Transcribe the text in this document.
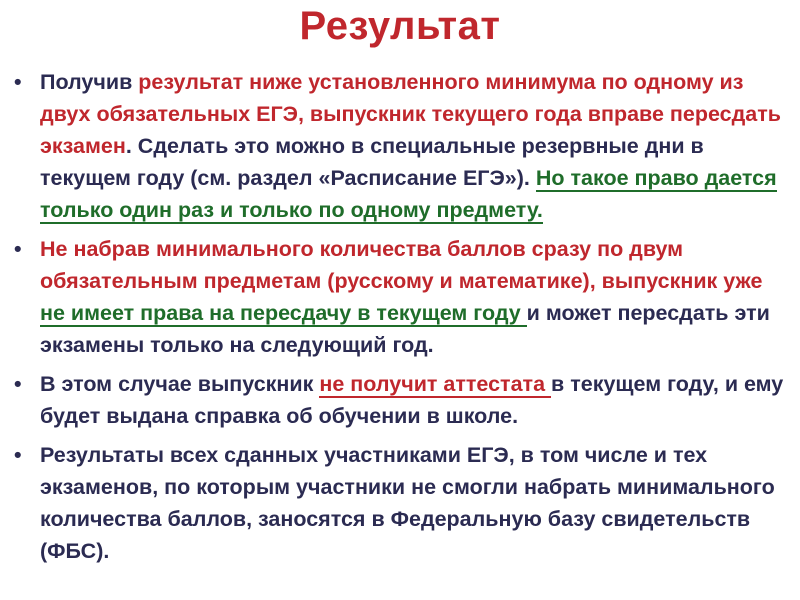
Результат
• Получив результат ниже установленного минимума по одному из двух обязательных ЕГЭ, выпускник текущего года вправе пересдать экзамен. Сделать это можно в специальные резервные дни в текущем году (см. раздел «Расписание ЕГЭ»). Но такое право дается только один раз и только по одному предмету.
• Не набрав минимального количества баллов сразу по двум обязательным предметам (русскому и математике), выпускник уже не имеет права на пересдачу в текущем году и может пересдать эти экзамены только на следующий год.
• В этом случае выпускник не получит аттестата в текущем году, и ему будет выдана справка об обучении в школе.
• Результаты всех сданных участниками ЕГЭ, в том числе и тех экзаменов, по которым участники не смогли набрать минимального количества баллов, заносятся в Федеральную базу свидетельств (ФБС).
